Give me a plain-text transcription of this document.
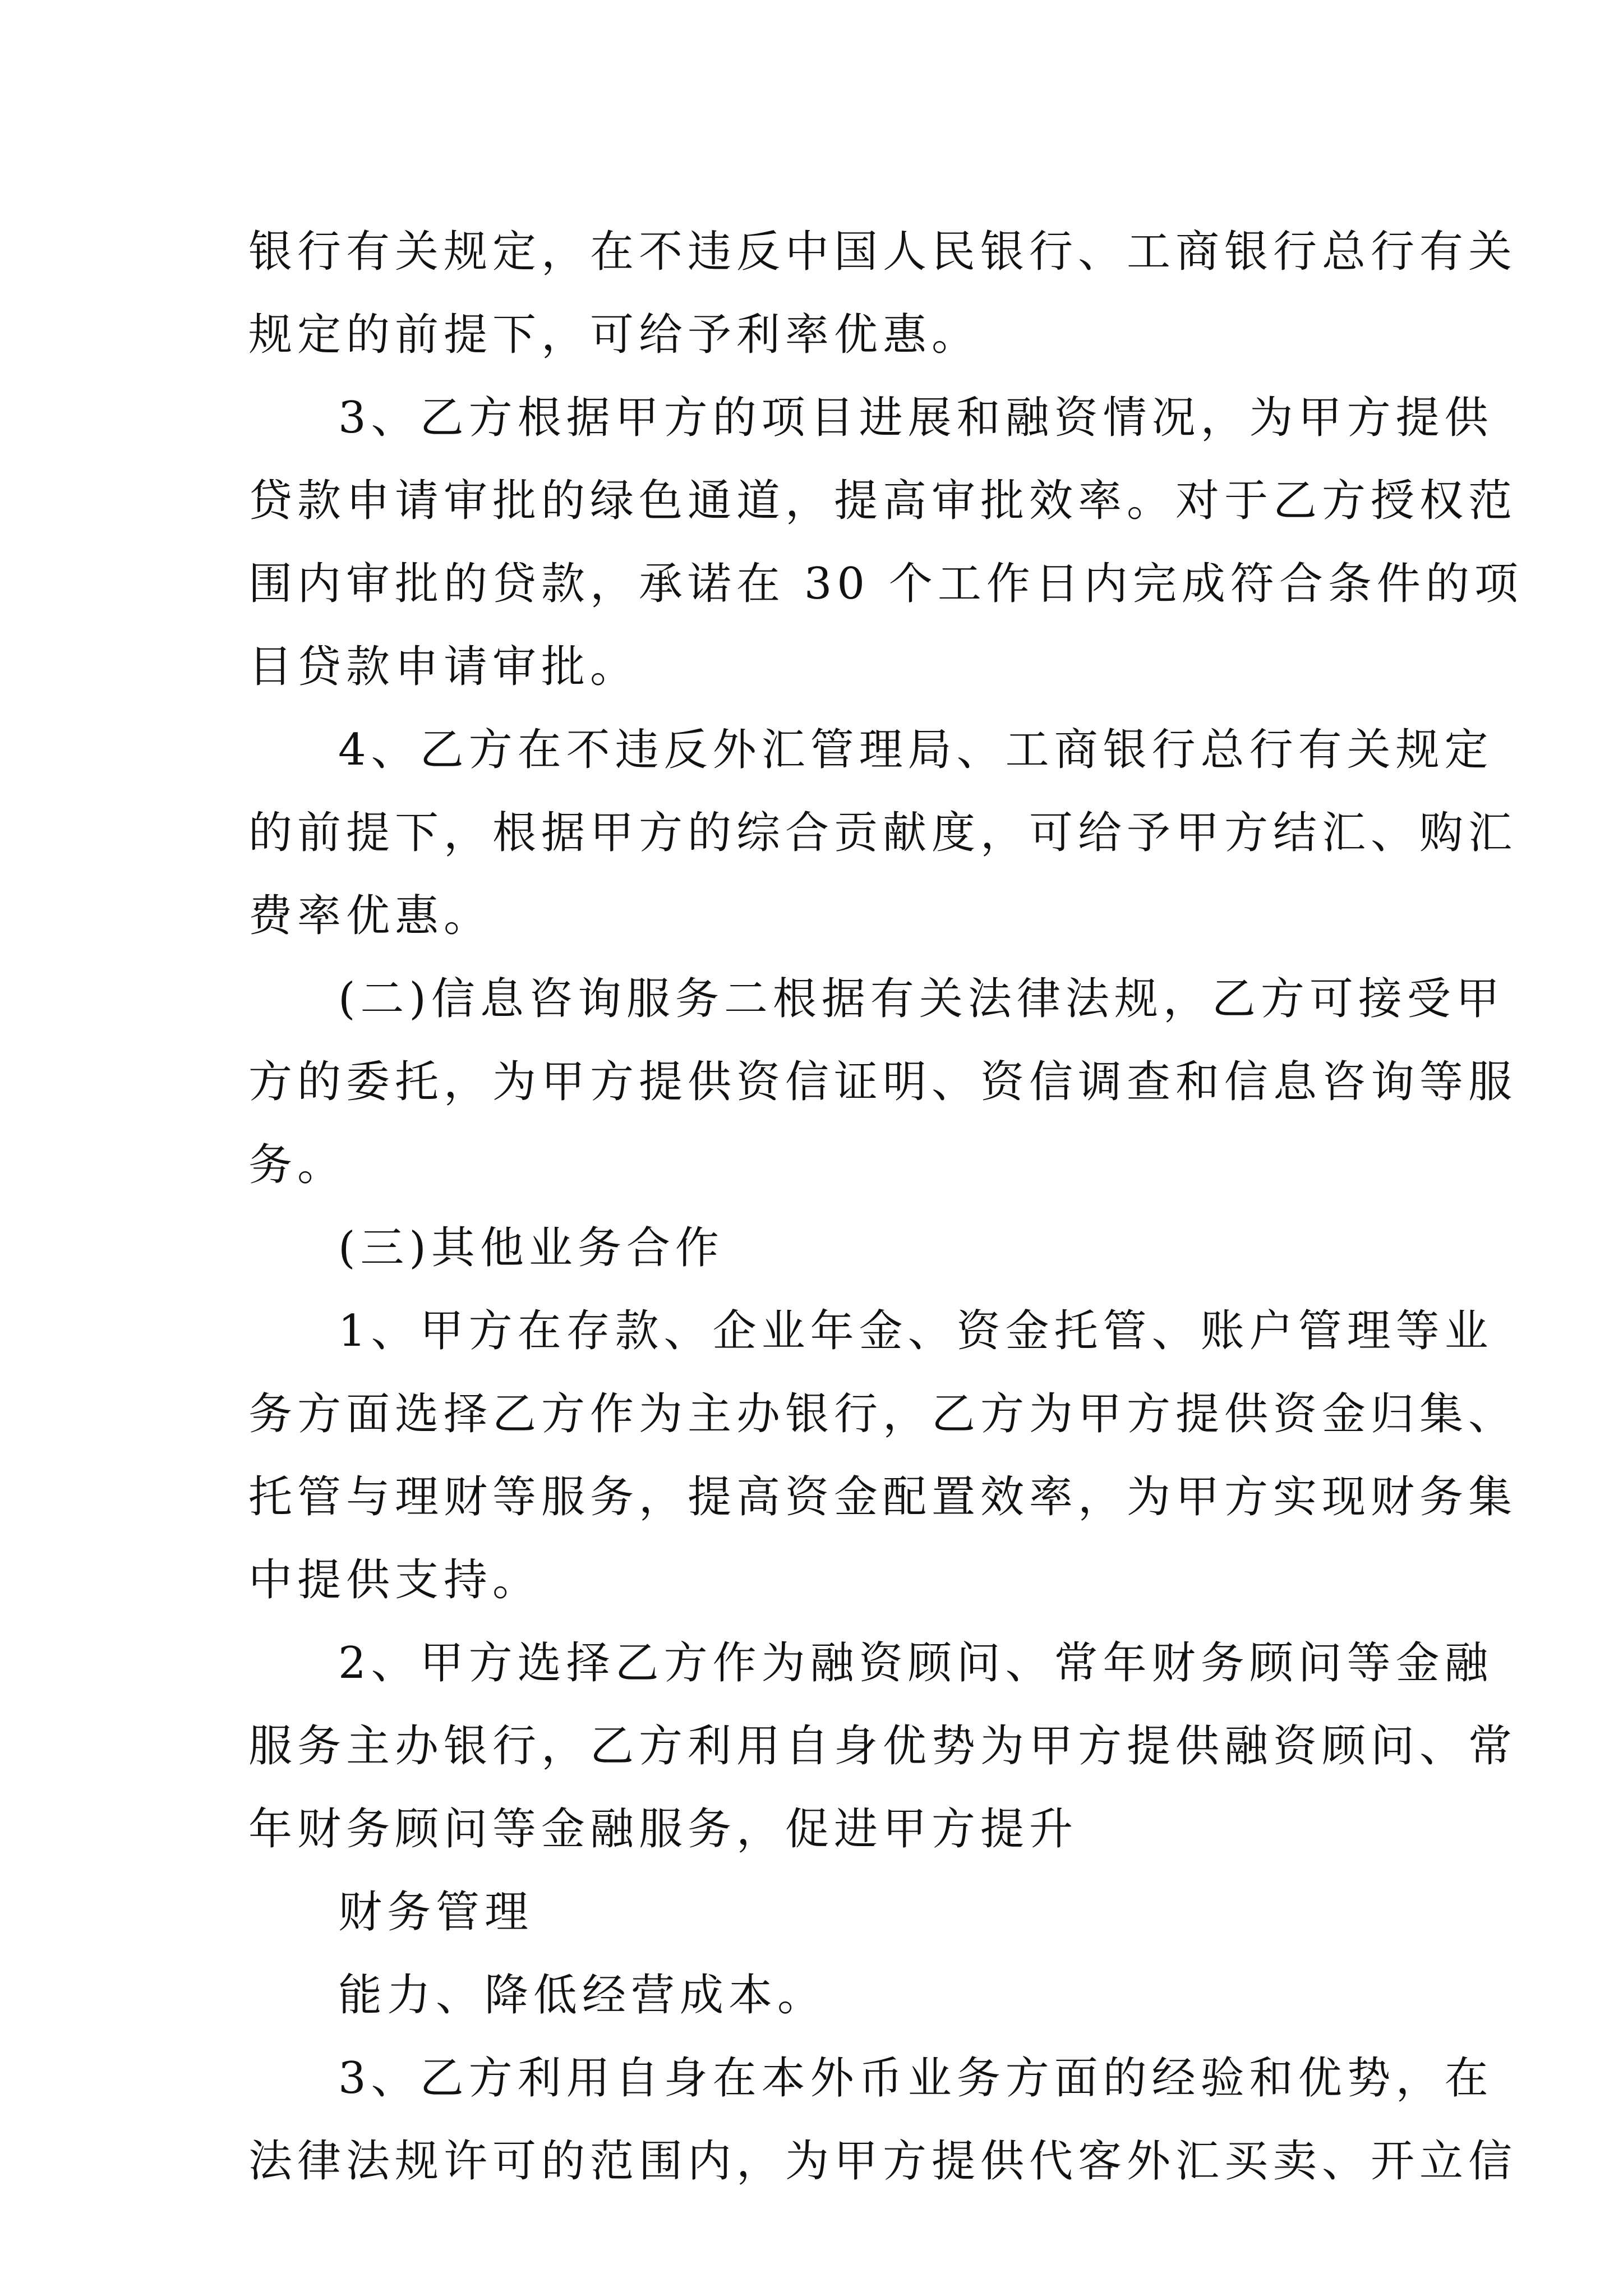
银行有关规定，在不违反中国人民银行、工商银行总行有关
规定的前提下，可给予利率优惠。
3、乙方根据甲方的项目进展和融资情况，为甲方提供
贷款申请审批的绿色通道，提高审批效率。对于乙方授权范
围内审批的贷款，承诺在 30 个工作日内完成符合条件的项
目贷款申请审批。
4、乙方在不违反外汇管理局、工商银行总行有关规定
的前提下，根据甲方的综合贡献度，可给予甲方结汇、购汇
费率优惠。
(二)信息咨询服务二根据有关法律法规，乙方可接受甲
方的委托，为甲方提供资信证明、资信调查和信息咨询等服
务。
(三)其他业务合作
1、甲方在存款、企业年金、资金托管、账户管理等业
务方面选择乙方作为主办银行，乙方为甲方提供资金归集、
托管与理财等服务，提高资金配置效率，为甲方实现财务集
中提供支持。
2、甲方选择乙方作为融资顾问、常年财务顾问等金融
服务主办银行，乙方利用自身优势为甲方提供融资顾问、常
年财务顾问等金融服务，促进甲方提升
财务管理
能力、降低经营成本。
3、乙方利用自身在本外币业务方面的经验和优势，在
法律法规许可的范围内，为甲方提供代客外汇买卖、开立信
